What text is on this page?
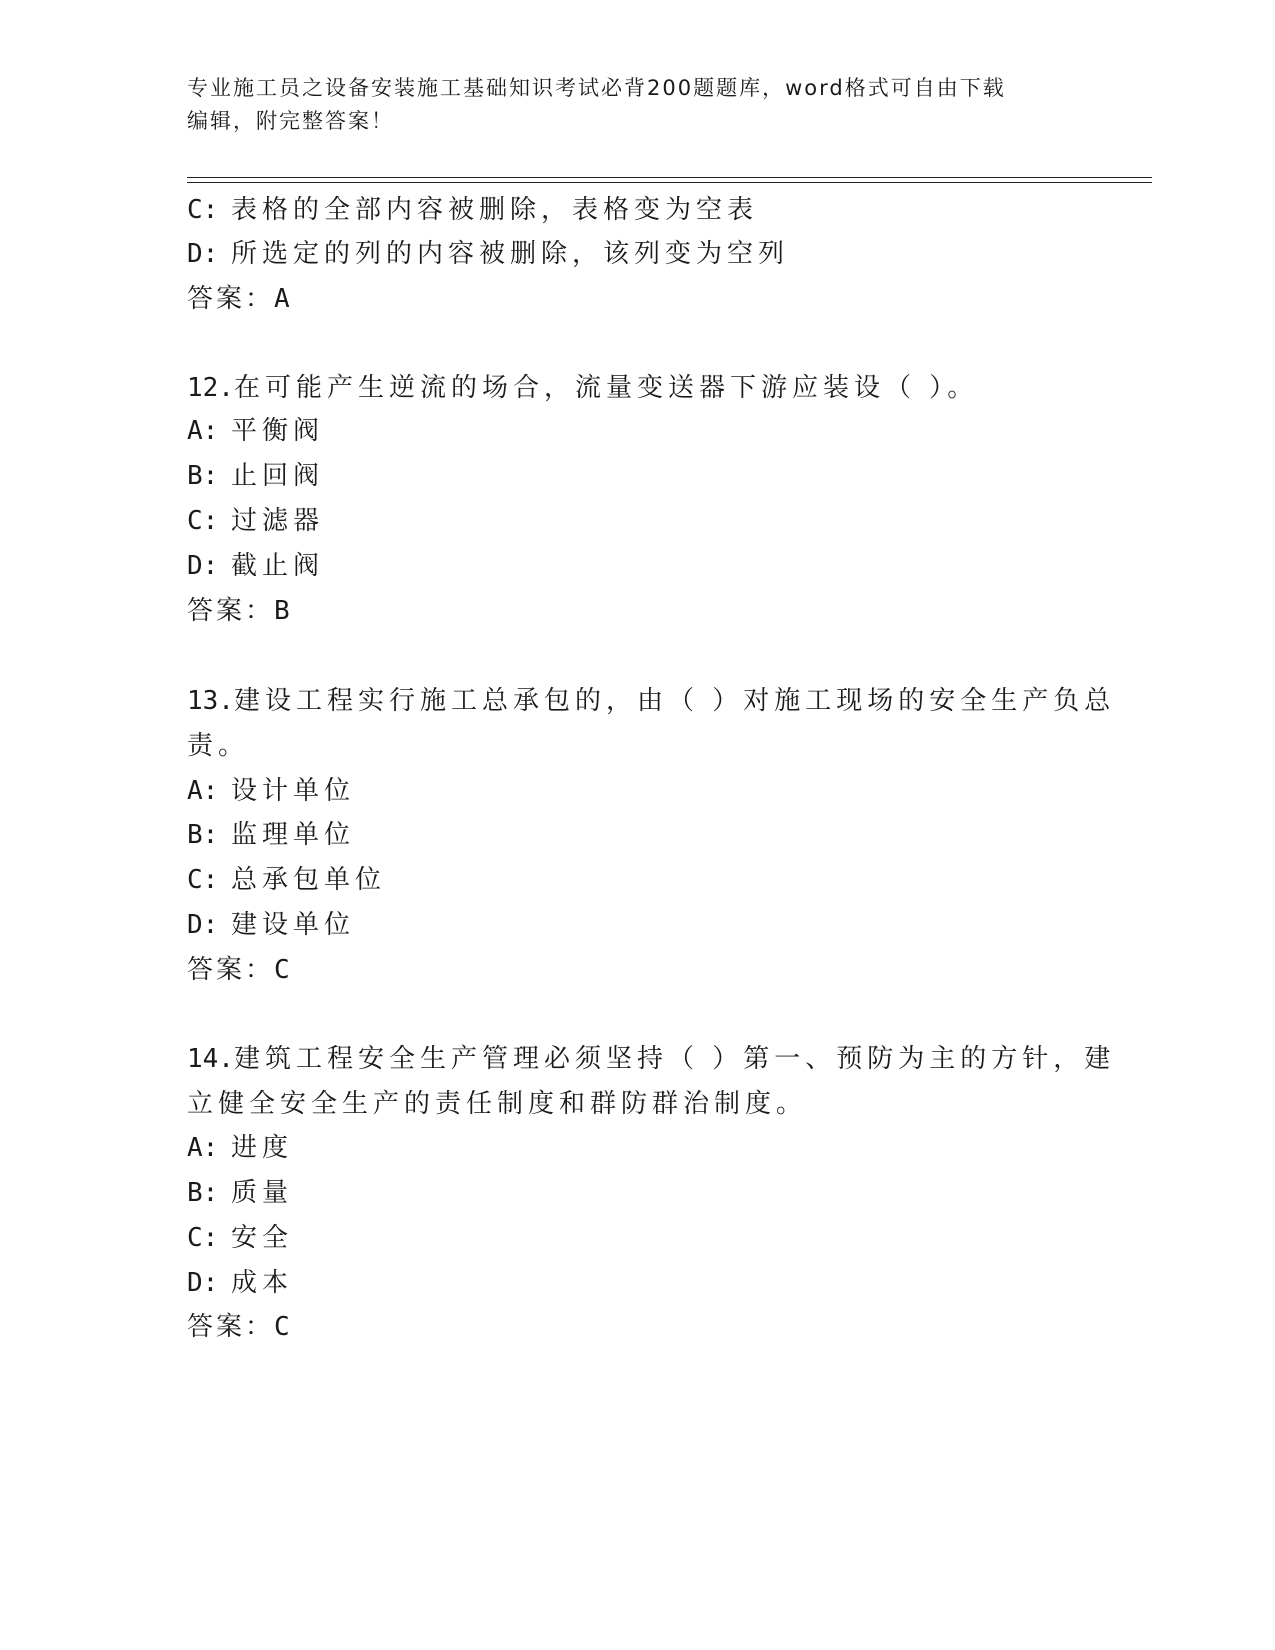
专业施工员之设备安装施工基础知识考试必背200题题库，word格式可自由下载
编辑，附完整答案！
C: 表格的全部内容被删除，表格变为空表
D: 所选定的列的内容被删除，该列变为空列
答案：A
12.在可能产生逆流的场合，流量变送器下游应装设（ ）。
A: 平衡阀
B: 止回阀
C: 过滤器
D: 截止阀
答案：B
13.建设工程实行施工总承包的，由（ ）对施工现场的安全生产负总
责。
A: 设计单位
B: 监理单位
C: 总承包单位
D: 建设单位
答案：C
14.建筑工程安全生产管理必须坚持（ ）第一、预防为主的方针，建
立健全安全生产的责任制度和群防群治制度。
A: 进度
B: 质量
C: 安全
D: 成本
答案：C
